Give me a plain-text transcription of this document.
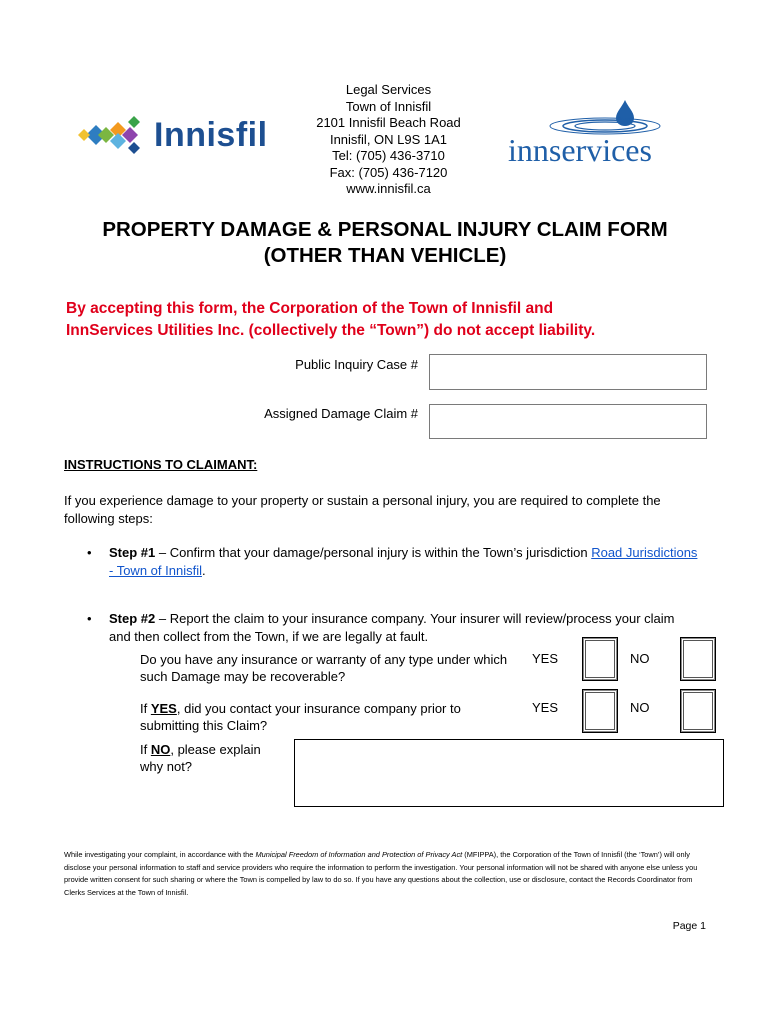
Innisfil
Legal Services
Town of Innisfil
2101 Innisfil Beach Road
Innisfil, ON L9S 1A1
Tel: (705) 436-3710
Fax: (705) 436-7120
www.innisfil.ca
innservices
PROPERTY DAMAGE & PERSONAL INJURY CLAIM FORM
(OTHER THAN VEHICLE)
By accepting this form, the Corporation of the Town of Innisfil and
InnServices Utilities Inc. (collectively the “Town”) do not accept liability.
Public Inquiry Case #
Assigned Damage Claim #
INSTRUCTIONS TO CLAIMANT:
If you experience damage to your property or sustain a personal injury, you are required to complete the following steps:
• Step #1 – Confirm that your damage/personal injury is within the Town’s jurisdiction Road Jurisdictions - Town of Innisfil.
• Step #2 – Report the claim to your insurance company. Your insurer will review/process your claim and then collect from the Town, if we are legally at fault.
Do you have any insurance or warranty of any type under which such Damage may be recoverable?
YES	NO
If YES, did you contact your insurance company prior to submitting this Claim?
YES	NO
If NO, please explain why not?
While investigating your complaint, in accordance with the Municipal Freedom of Information and Protection of Privacy Act (MFIPPA), the Corporation of the Town of Innisfil (the ‘Town’) will only disclose your personal information to staff and service providers who require the information to perform the investigation. Your personal information will not be shared with anyone else unless you provide written consent for such sharing or where the Town is compelled by law to do so. If you have any questions about the collection, use or disclosure, contact the Records Coordinator from Clerks Services at the Town of Innisfil.
Page 1
